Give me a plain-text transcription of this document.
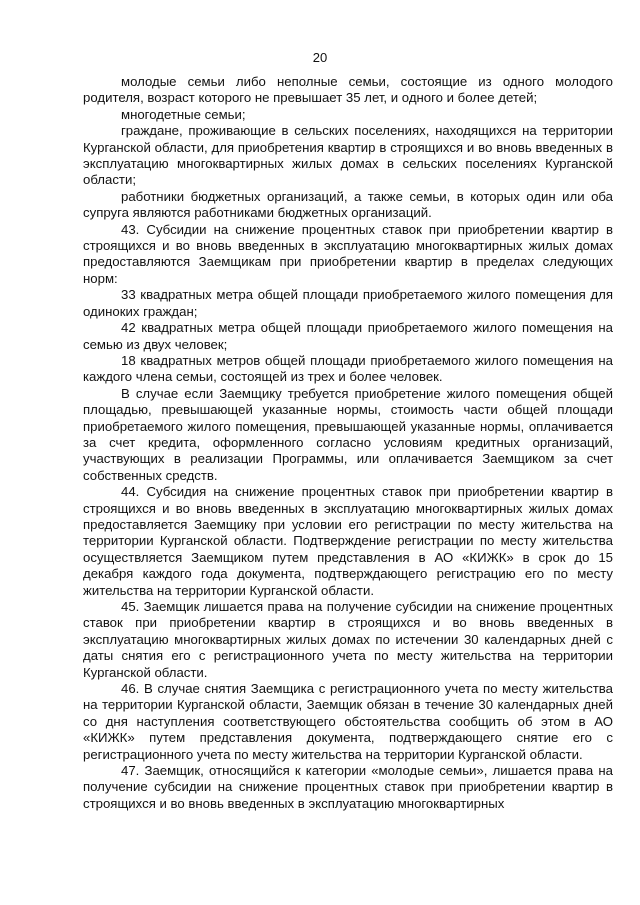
20

молодые семьи либо неполные семьи, состоящие из одного молодого родителя, возраст которого не превышает 35 лет, и одного и более детей;

многодетные семьи;

граждане, проживающие в сельских поселениях, находящихся на территории Курганской области, для приобретения квартир в строящихся и во вновь введенных в эксплуатацию многоквартирных жилых домах в сельских поселениях Курганской области;

работники бюджетных организаций, а также семьи, в которых один или оба супруга являются работниками бюджетных организаций.

43. Субсидии на снижение процентных ставок при приобретении квартир в строящихся и во вновь введенных в эксплуатацию многоквартирных жилых домах предоставляются Заемщикам при приобретении квартир в пределах следующих норм:

33 квадратных метра общей площади приобретаемого жилого помещения для одиноких граждан;

42 квадратных метра общей площади приобретаемого жилого помещения на семью из двух человек;

18 квадратных метров общей площади приобретаемого жилого помещения на каждого члена семьи, состоящей из трех и более человек.

В случае если Заемщику требуется приобретение жилого помещения общей площадью, превышающей указанные нормы, стоимость части общей площади приобретаемого жилого помещения, превышающей указанные нормы, оплачивается за счет кредита, оформленного согласно условиям кредитных организаций, участвующих в реализации Программы, или оплачивается Заемщиком за счет собственных средств.

44. Субсидия на снижение процентных ставок при приобретении квартир в строящихся и во вновь введенных в эксплуатацию многоквартирных жилых домах предоставляется Заемщику при условии его регистрации по месту жительства на территории Курганской области. Подтверждение регистрации по месту жительства осуществляется Заемщиком путем представления в АО «КИЖК» в срок до 15 декабря каждого года документа, подтверждающего регистрацию его по месту жительства на территории Курганской области.

45. Заемщик лишается права на получение субсидии на снижение процентных ставок при приобретении квартир в строящихся и во вновь введенных в эксплуатацию многоквартирных жилых домах по истечении 30 календарных дней с даты снятия его с регистрационного учета по месту жительства на территории Курганской области.

46. В случае снятия Заемщика с регистрационного учета по месту жительства на территории Курганской области, Заемщик обязан в течение 30 календарных дней со дня наступления соответствующего обстоятельства сообщить об этом в АО «КИЖК» путем представления документа, подтверждающего снятие его с регистрационного учета по месту жительства на территории Курганской области.

47. Заемщик, относящийся к категории «молодые семьи», лишается права на получение субсидии на снижение процентных ставок при приобретении квартир в строящихся и во вновь введенных в эксплуатацию многоквартирных
